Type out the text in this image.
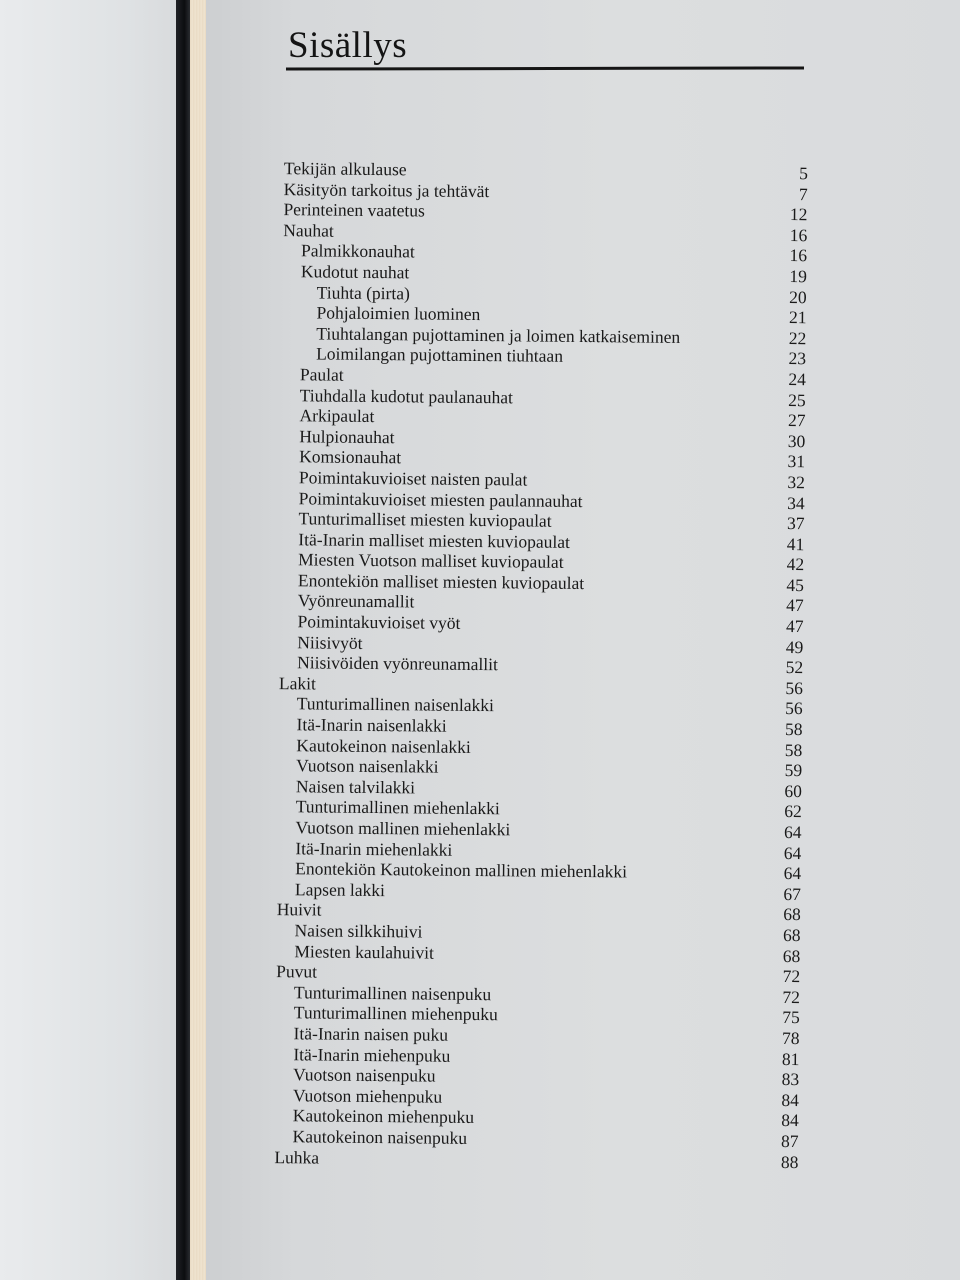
Sisällys
Tekijän alkulause	5
Käsityön tarkoitus ja tehtävät	7
Perinteinen vaatetus	12
Nauhat	16
Palmikkonauhat	16
Kudotut nauhat	19
Tiuhta (pirta)	20
Pohjaloimien luominen	21
Tiuhtalangan pujottaminen ja loimen katkaiseminen	22
Loimilangan pujottaminen tiuhtaan	23
Paulat	24
Tiuhdalla kudotut paulanauhat	25
Arkipaulat	27
Hulpionauhat	30
Komsionauhat	31
Poimintakuvioiset naisten paulat	32
Poimintakuvioiset miesten paulannauhat	34
Tunturimalliset miesten kuviopaulat	37
Itä-Inarin malliset miesten kuviopaulat	41
Miesten Vuotson malliset kuviopaulat	42
Enontekiön malliset miesten kuviopaulat	45
Vyönreunamallit	47
Poimintakuvioiset vyöt	47
Niisivyöt	49
Niisivöiden vyönreunamallit	52
Lakit	56
Tunturimallinen naisenlakki	56
Itä-Inarin naisenlakki	58
Kautokeinon naisenlakki	58
Vuotson naisenlakki	59
Naisen talvilakki	60
Tunturimallinen miehenlakki	62
Vuotson mallinen miehenlakki	64
Itä-Inarin miehenlakki	64
Enontekiön Kautokeinon mallinen miehenlakki	64
Lapsen lakki	67
Huivit	68
Naisen silkkihuivi	68
Miesten kaulahuivit	68
Puvut	72
Tunturimallinen naisenpuku	72
Tunturimallinen miehenpuku	75
Itä-Inarin naisen puku	78
Itä-Inarin miehenpuku	81
Vuotson naisenpuku	83
Vuotson miehenpuku	84
Kautokeinon miehenpuku	84
Kautokeinon naisenpuku	87
Luhka	88
